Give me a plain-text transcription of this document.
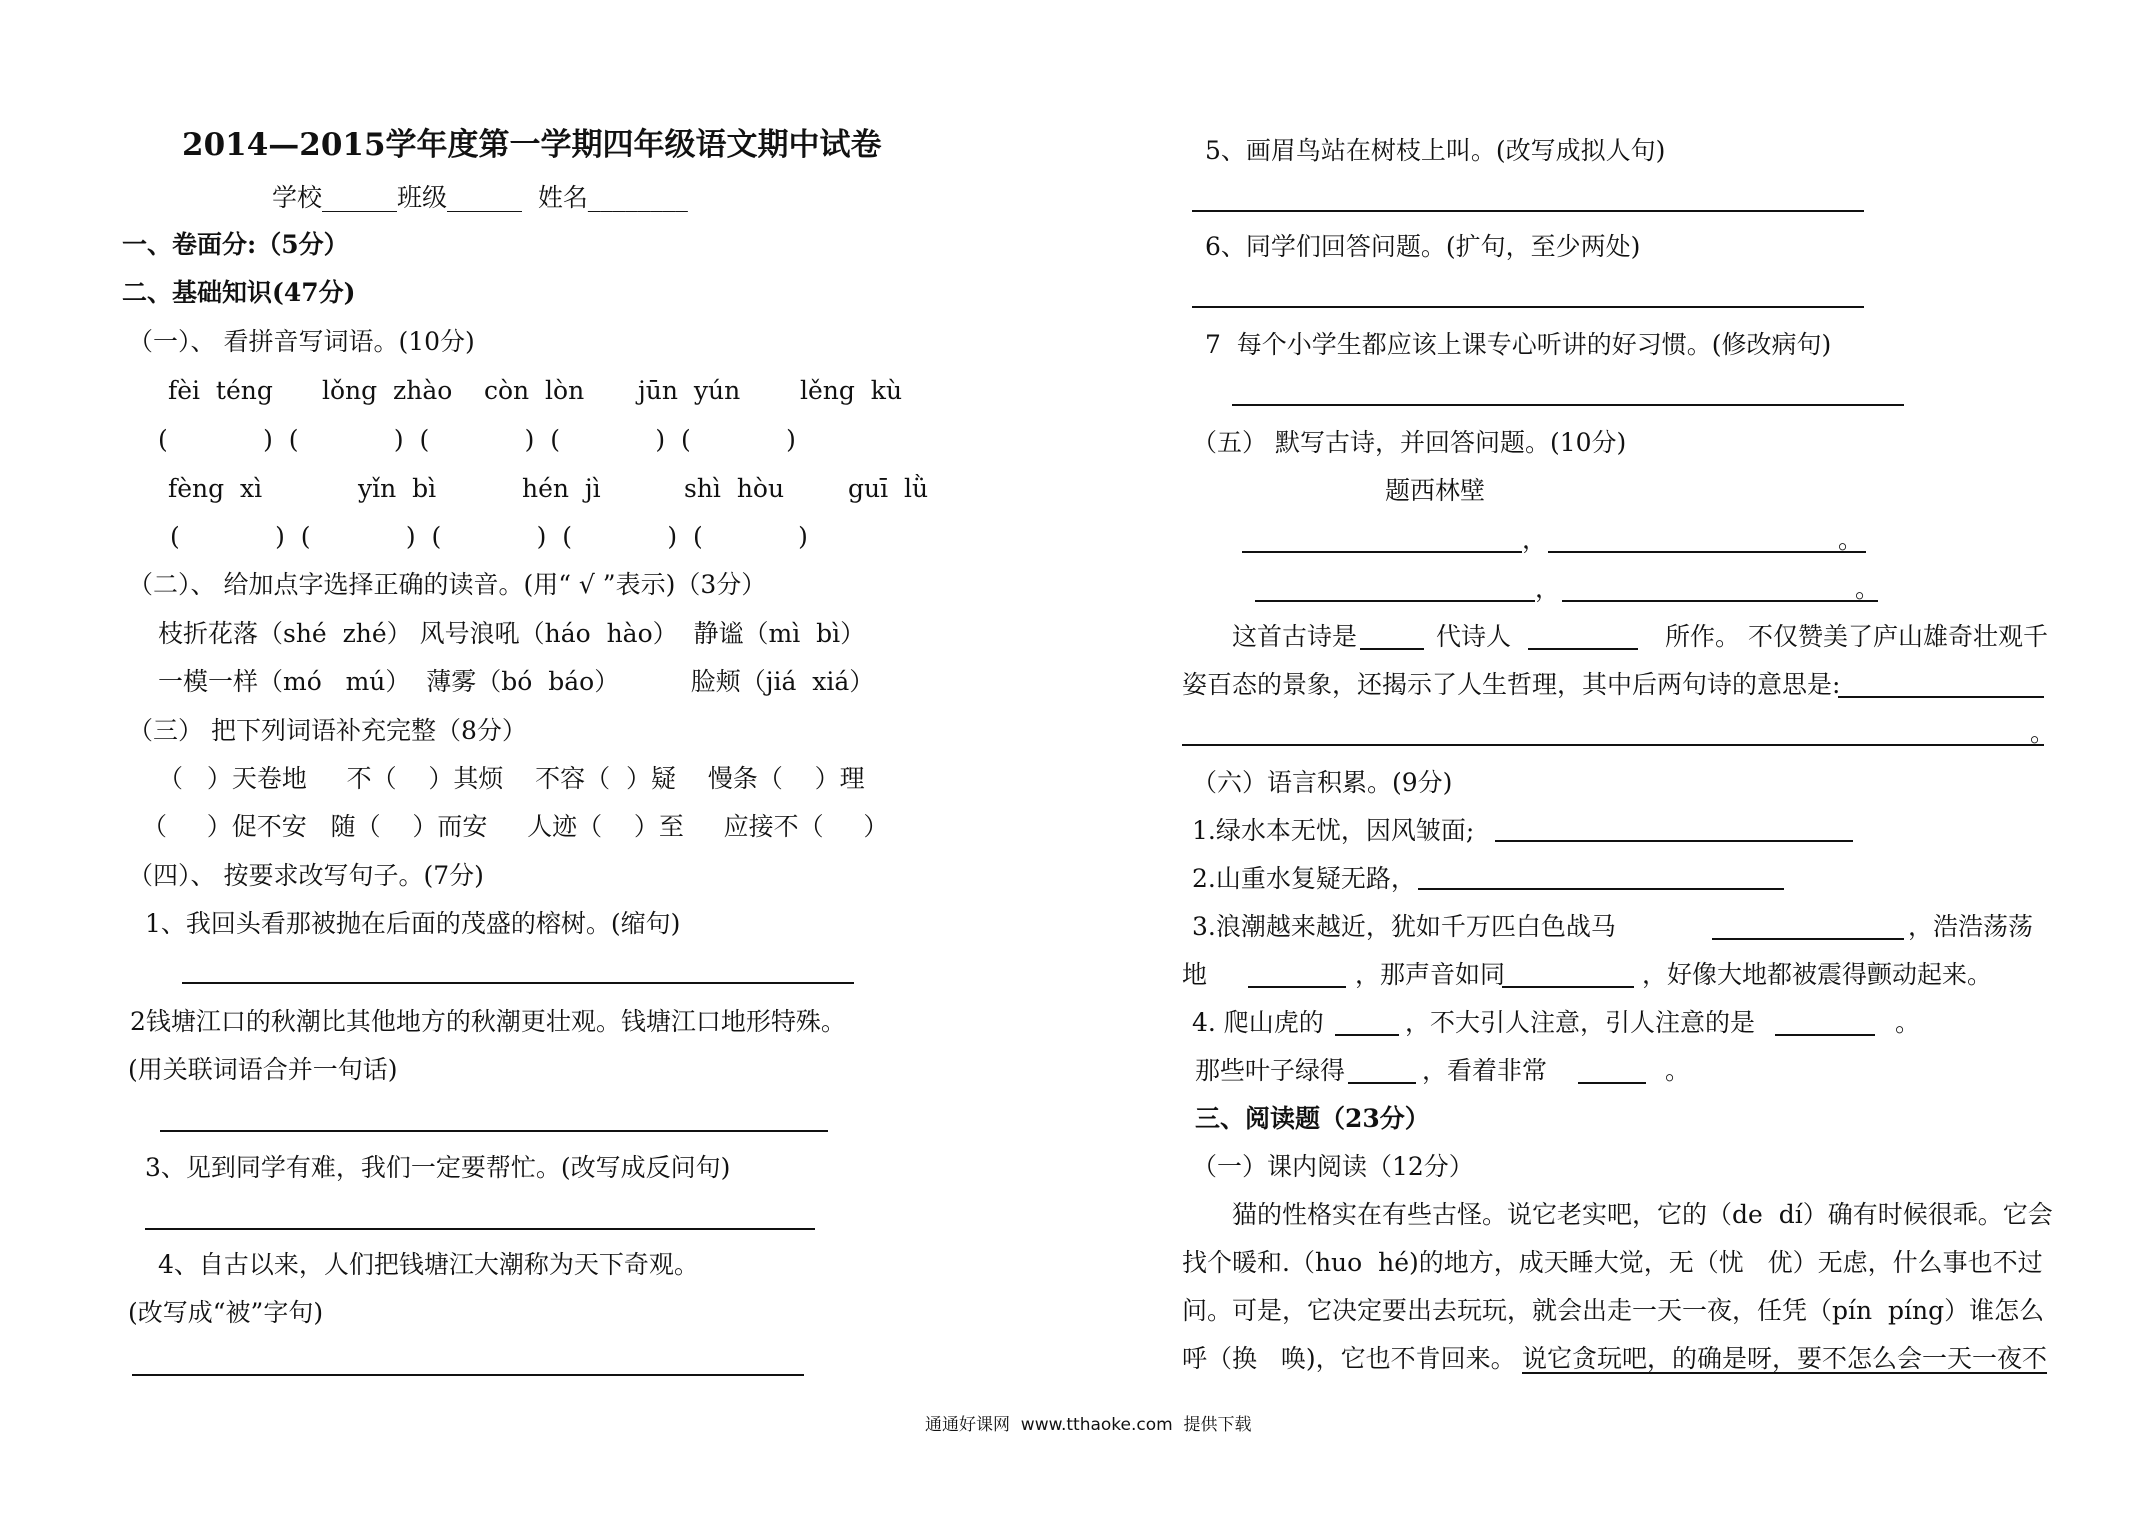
2014—2015学年度第一学期四年级语文期中试卷
学校______班级______  姓名________
一、卷面分:（5分）
二、基础知识(47分)
（一）、 看拼音写词语。(10分)
fèi  téng lǒng  zhào còn  lòn jūn  yún lěng  kù
(            )  (            )  (            )  (            )  (            )
fèng  xì	yǐn  bì	hén  jì	shì  hòu	guī  lǜ
(            )  (            )  (            )  (            )  (            )
（二）、 给加点字选择正确的读音。(用“ √ ”表示)（3分）
枝折花落（shé  zhé） 风号浪吼（háo  hào）  静谧（mì  bì）
一模一样（mó   mú）  薄雾（bó  báo）         脸颊（jiá  xiá）
（三） 把下列词语补充完整（8分）
（   ）天卷地     不（    ）其烦    不容（  ）疑    慢条（    ）理
（     ）促不安   随（    ）而安     人迹（    ）至     应接不（     ）
（四）、 按要求改写句子。(7分)
1、我回头看那被抛在后面的茂盛的榕树。(缩句)
2钱塘江口的秋潮比其他地方的秋潮更壮观。钱塘江口地形特殊。
(用关联词语合并一句话)
3、见到同学有难，我们一定要帮忙。(改写成反问句)
4、自古以来，人们把钱塘江大潮称为天下奇观。
(改写成“被”字句)
5、画眉鸟站在树枝上叫。(改写成拟人句)
6、同学们回答问题。(扩句，至少两处)
7  每个小学生都应该上课专心听讲的好习惯。(修改病句)
（五） 默写古诗，并回答问题。(10分)
题西林壁
，	。
，	。
这首古诗是	代诗人	所作。 不仅赞美了庐山雄奇壮观千
姿百态的景象，还揭示了人生哲理，其中后两句诗的意思是:
。
（六）语言积累。(9分)
1.绿水本无忧，因风皱面;
2.山重水复疑无路，
3.浪潮越来越近，犹如千万匹白色战马	，浩浩荡荡
地	，那声音如同	，好像大地都被震得颤动起来。
4. 爬山虎的	，不大引人注意，引人注意的是	。
那些叶子绿得	，看着非常	。
三、阅读题（23分）
（一）课内阅读（12分）
猫的性格实在有些古怪。说它老实吧，它的（de  dí）确有时候很乖。它会
找个暖和.（huo  hé)的地方，成天睡大觉，无（忧   优）无虑，什么事也不过
问。可是，它决定要出去玩玩，就会出走一天一夜，任凭（pín  píng）谁怎么
呼（换   唤)，它也不肯回来。 说它贪玩吧，的确是呀，要不怎么会一天一夜不
通通好课网  www.tthaoke.com  提供下载
